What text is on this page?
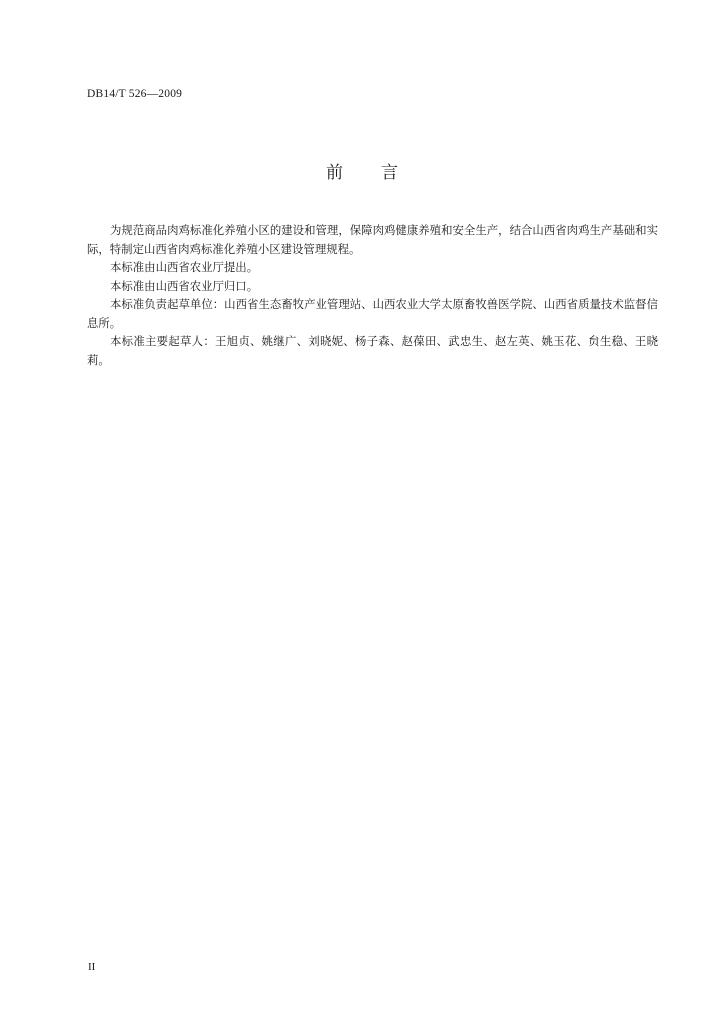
DB14/T 526—2009
前 言

为规范商品肉鸡标准化养殖小区的建设和管理，保障肉鸡健康养殖和安全生产，结合山西省肉鸡生产基础和实际，特制定山西省肉鸡标准化养殖小区建设管理规程。

本标准由山西省农业厅提出。

本标准由山西省农业厅归口。

本标准负责起草单位：山西省生态畜牧产业管理站、山西农业大学太原畜牧兽医学院、山西省质量技术监督信息所。

本标准主要起草人：王旭贞、姚继广、刘晓妮、杨子森、赵葆田、武忠生、赵左英、姚玉花、贠生稳、王晓莉。

II
